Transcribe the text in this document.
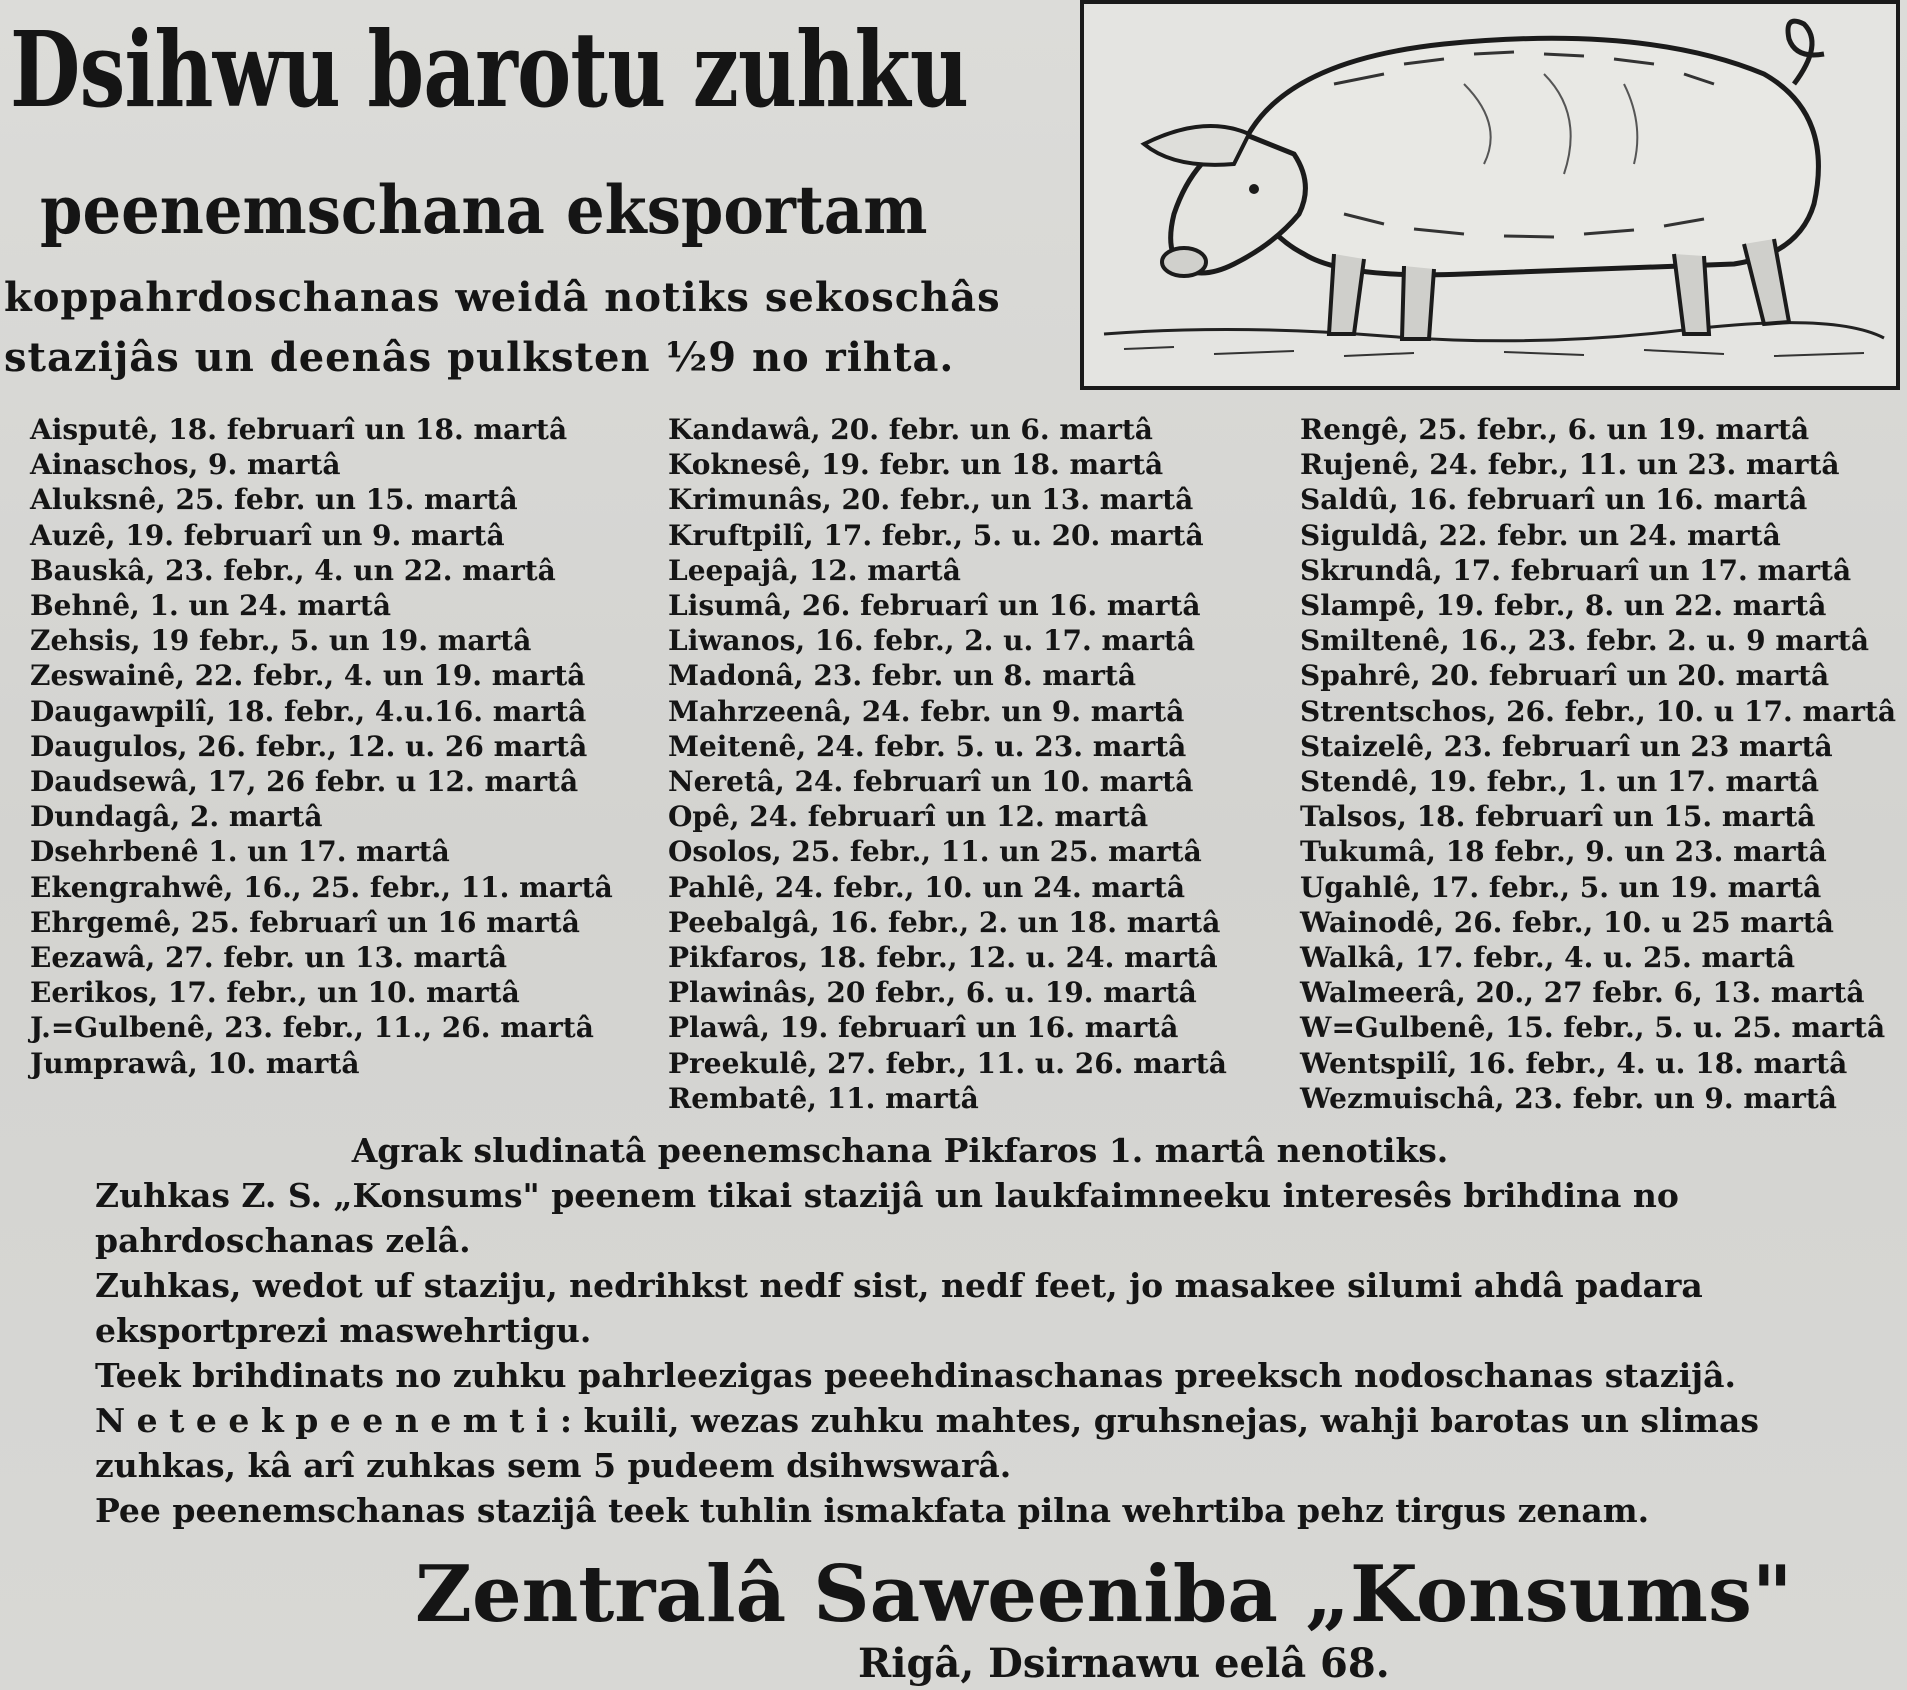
Dsihwu barotu zuhku
peenemschana eksportam
koppahrdoschanas weidâ notiks sekoschâs
stazijâs un deenâs pulksten ½9 no rihta.
Aisputê, 18. februarî un 18. martâ
Ainaschos, 9. martâ
Aluksnê, 25. febr. un 15. martâ
Auzê, 19. februarî un 9. martâ
Bauskâ, 23. febr., 4. un 22. martâ
Behnê, 1. un 24. martâ
Zehsis, 19 febr., 5. un 19. martâ
Zeswainê, 22. febr., 4. un 19. martâ
Daugawpilî, 18. febr., 4.u.16. martâ
Daugulos, 26. febr., 12. u. 26 martâ
Daudsewâ, 17, 26 febr. u 12. martâ
Dundagâ, 2. martâ
Dsehrbenê 1. un 17. martâ
Ekengrahwê, 16., 25. febr., 11. martâ
Ehrgemê, 25. februarî un 16 martâ
Eezawâ, 27. febr. un 13. martâ
Eerikos, 17. febr., un 10. martâ
J.=Gulbenê, 23. febr., 11., 26. martâ
Jumprawâ, 10. martâ
Kandawâ, 20. febr. un 6. martâ
Koknesê, 19. febr. un 18. martâ
Krimunâs, 20. febr., un 13. martâ
Kruftpilî, 17. febr., 5. u. 20. martâ
Leepajâ, 12. martâ
Lisumâ, 26. februarî un 16. martâ
Liwanos, 16. febr., 2. u. 17. martâ
Madonâ, 23. febr. un 8. martâ
Mahrzeenâ, 24. febr. un 9. martâ
Meitenê, 24. febr. 5. u. 23. martâ
Neretâ, 24. februarî un 10. martâ
Opê, 24. februarî un 12. martâ
Osolos, 25. febr., 11. un 25. martâ
Pahlê, 24. febr., 10. un 24. martâ
Peebalgâ, 16. febr., 2. un 18. martâ
Pikfaros, 18. febr., 12. u. 24. martâ
Plawinâs, 20 febr., 6. u. 19. martâ
Plawâ, 19. februarî un 16. martâ
Preekulê, 27. febr., 11. u. 26. martâ
Rembatê, 11. martâ
Rengê, 25. febr., 6. un 19. martâ
Rujenê, 24. febr., 11. un 23. martâ
Saldû, 16. februarî un 16. martâ
Siguldâ, 22. febr. un 24. martâ
Skrundâ, 17. februarî un 17. martâ
Slampê, 19. febr., 8. un 22. martâ
Smiltenê, 16., 23. febr. 2. u. 9 martâ
Spahrê, 20. februarî un 20. martâ
Strentschos, 26. febr., 10. u 17. martâ
Staizelê, 23. februarî un 23 martâ
Stendê, 19. febr., 1. un 17. martâ
Talsos, 18. februarî un 15. martâ
Tukumâ, 18 febr., 9. un 23. martâ
Ugahlê, 17. febr., 5. un 19. martâ
Wainodê, 26. febr., 10. u 25 martâ
Walkâ, 17. febr., 4. u. 25. martâ
Walmeerâ, 20., 27 febr. 6, 13. martâ
W=Gulbenê, 15. febr., 5. u. 25. martâ
Wentspilî, 16. febr., 4. u. 18. martâ
Wezmuischâ, 23. febr. un 9. martâ
Agrak sludinatâ peenemschana Pikfaros 1. martâ nenotiks.
Zuhkas Z. S. „Konsums" peenem tikai stazijâ un laukfaimneeku interesês brihdina no pahrdoschanas zelâ.
Zuhkas, wedot uf staziju, nedrihkst nedf sist, nedf feet, jo masakee silumi ahdâ padara eksportprezi maswehrtigu.
Teek brihdinats no zuhku pahrleezigas peeehdinaschanas preeksch nodoschanas stazijâ.
N e t e e k p e e n e m t i : kuili, wezas zuhku mahtes, gruhsnejas, wahji barotas un slimas zuhkas, kâ arî zuhkas sem 5 pudeem dsihwswarâ.
Pee peenemschanas stazijâ teek tuhlin ismakfata pilna wehrtiba pehz tirgus zenam.
Zentralâ Saweeniba „Konsums"
Rigâ, Dsirnawu eelâ 68.
